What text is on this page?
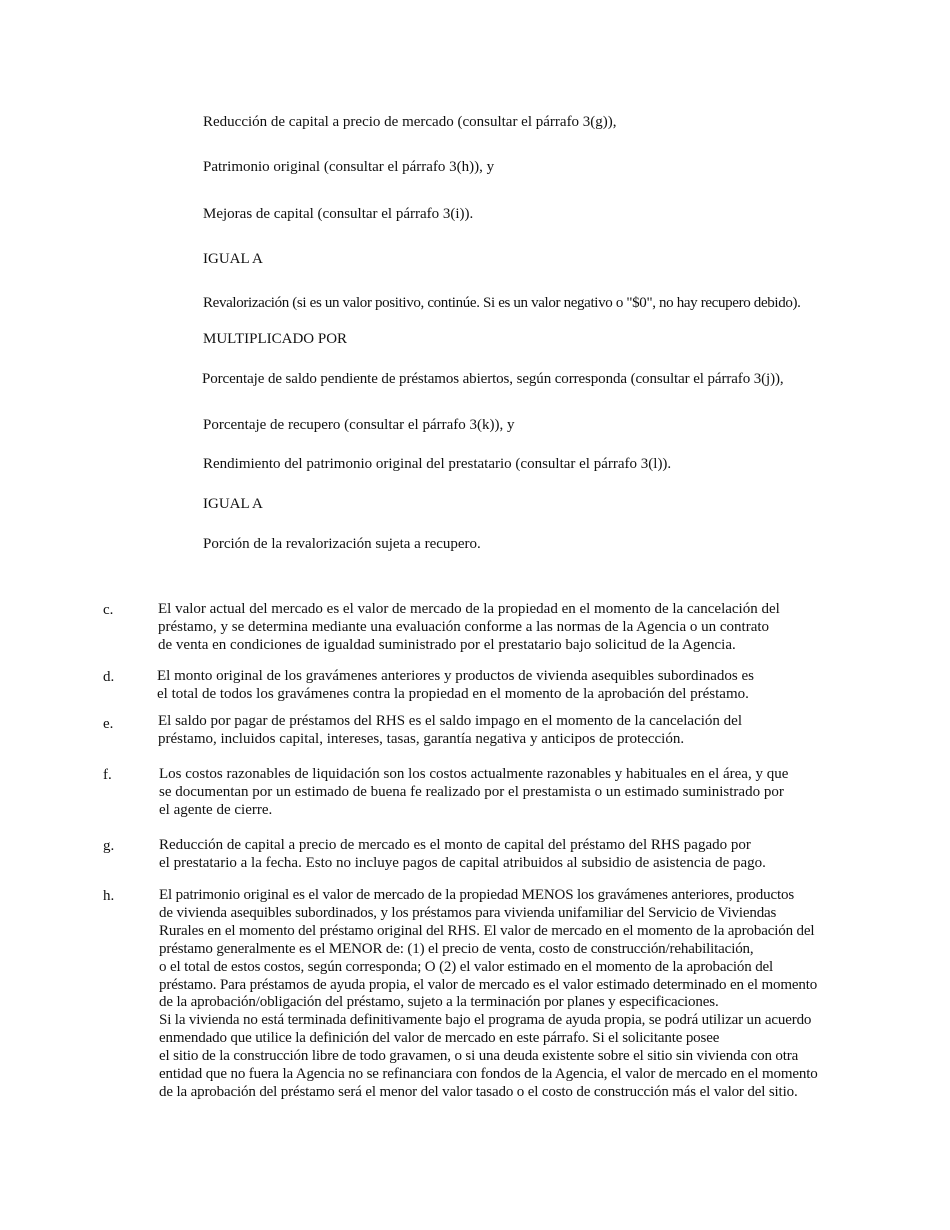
Reducción de capital a precio de mercado (consultar el párrafo 3(g)),

Patrimonio original (consultar el párrafo 3(h)), y

Mejoras de capital (consultar el párrafo 3(i)).

IGUAL A

Revalorización (si es un valor positivo, continúe. Si es un valor negativo o "$0", no hay recupero debido).

MULTIPLICADO POR

Porcentaje de saldo pendiente de préstamos abiertos, según corresponda (consultar el párrafo 3(j)),

Porcentaje de recupero (consultar el párrafo 3(k)), y

Rendimiento del patrimonio original del prestatario (consultar el párrafo 3(l)).

IGUAL A

Porción de la revalorización sujeta a recupero.

c.	El valor actual del mercado es el valor de mercado de la propiedad en el momento de la cancelación del
préstamo, y se determina mediante una evaluación conforme a las normas de la Agencia o un contrato
de venta en condiciones de igualdad suministrado por el prestatario bajo solicitud de la Agencia.
d.	El monto original de los gravámenes anteriores y productos de vivienda asequibles subordinados es
el total de todos los gravámenes contra la propiedad en el momento de la aprobación del préstamo.
e.	El saldo por pagar de préstamos del RHS es el saldo impago en el momento de la cancelación del
préstamo, incluidos capital, intereses, tasas, garantía negativa y anticipos de protección.
f.	Los costos razonables de liquidación son los costos actualmente razonables y habituales en el área, y que
se documentan por un estimado de buena fe realizado por el prestamista o un estimado suministrado por
el agente de cierre.
g.	Reducción de capital a precio de mercado es el monto de capital del préstamo del RHS pagado por
el prestatario a la fecha. Esto no incluye pagos de capital atribuidos al subsidio de asistencia de pago.
h.	El patrimonio original es el valor de mercado de la propiedad MENOS los gravámenes anteriores, productos
de vivienda asequibles subordinados, y los préstamos para vivienda unifamiliar del Servicio de Viviendas
Rurales en el momento del préstamo original del RHS. El valor de mercado en el momento de la aprobación del
préstamo generalmente es el MENOR de: (1) el precio de venta, costo de construcción/rehabilitación,
o el total de estos costos, según corresponda; O (2) el valor estimado en el momento de la aprobación del
préstamo. Para préstamos de ayuda propia, el valor de mercado es el valor estimado determinado en el momento
de la aprobación/obligación del préstamo, sujeto a la terminación por planes y especificaciones.
Si la vivienda no está terminada definitivamente bajo el programa de ayuda propia, se podrá utilizar un acuerdo
enmendado que utilice la definición del valor de mercado en este párrafo. Si el solicitante posee
el sitio de la construcción libre de todo gravamen, o si una deuda existente sobre el sitio sin vivienda con otra
entidad que no fuera la Agencia no se refinanciara con fondos de la Agencia, el valor de mercado en el momento
de la aprobación del préstamo será el menor del valor tasado o el costo de construcción más el valor del sitio.
